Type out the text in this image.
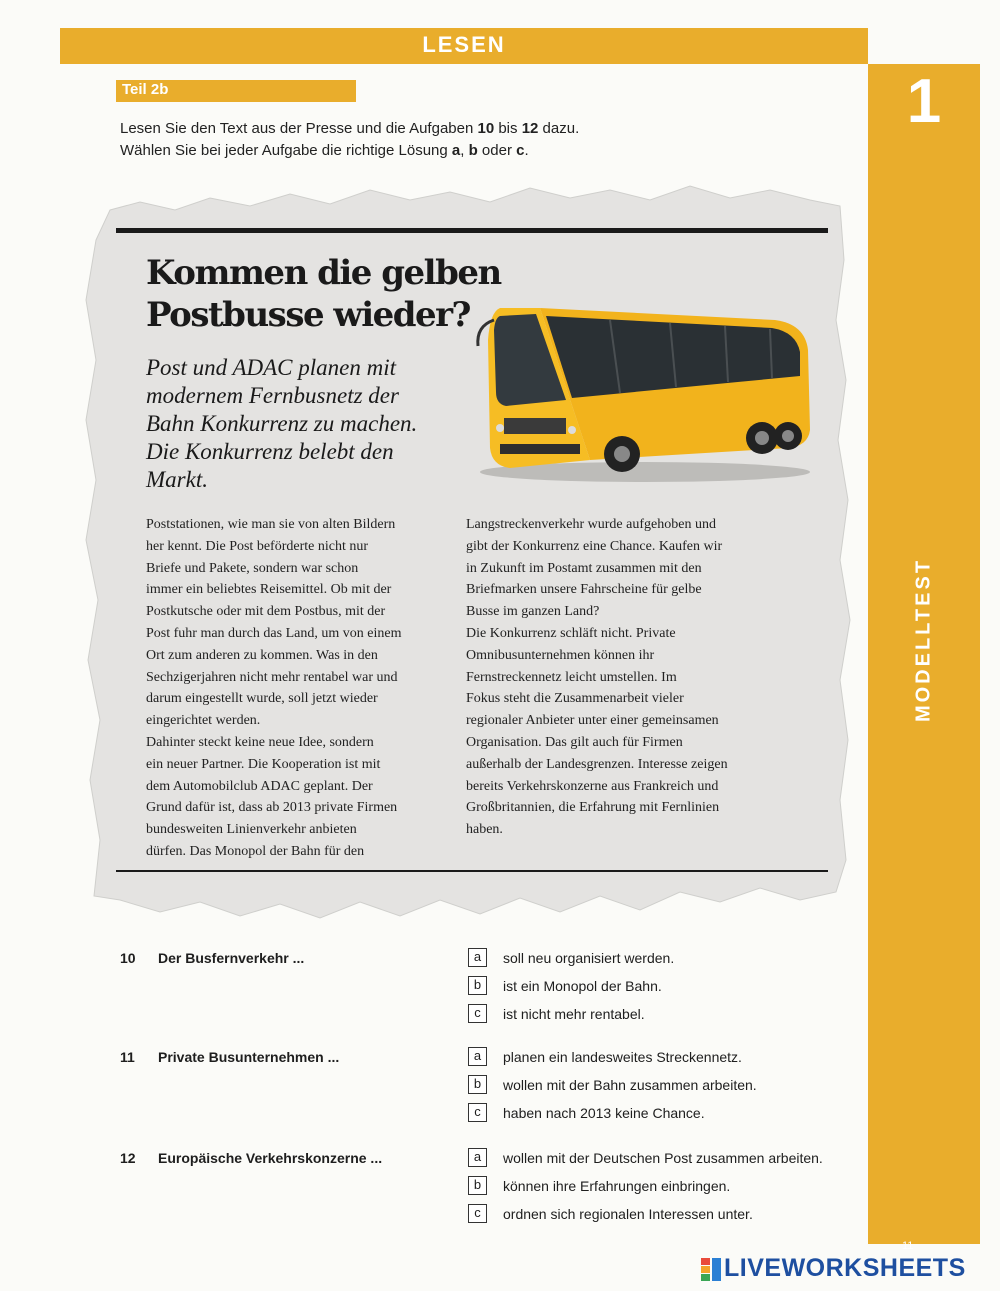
LESEN
1
MODELLTEST
Teil 2b
Lesen Sie den Text aus der Presse und die Aufgaben 10 bis 12 dazu.
Wählen Sie bei jeder Aufgabe die richtige Lösung a, b oder c.
Kommen die gelben
Postbusse wieder?
Post und ADAC planen mit
modernem Fernbusnetz der
Bahn Konkurrenz zu machen.
Die Konkurrenz belebt den
Markt.
Poststationen, wie man sie von alten Bildern
her kennt. Die Post beförderte nicht nur
Briefe und Pakete, sondern war schon
immer ein beliebtes Reisemittel. Ob mit der
Postkutsche oder mit dem Postbus, mit der
Post fuhr man durch das Land, um von einem
Ort zum anderen zu kommen. Was in den
Sechzigerjahren nicht mehr rentabel war und
darum eingestellt wurde, soll jetzt wieder
eingerichtet werden.
Dahinter steckt keine neue Idee, sondern
ein neuer Partner. Die Kooperation ist mit
dem Automobilclub ADAC geplant. Der
Grund dafür ist, dass ab 2013 private Firmen
bundesweiten Linienverkehr anbieten
dürfen. Das Monopol der Bahn für den
Langstreckenverkehr wurde aufgehoben und
gibt der Konkurrenz eine Chance. Kaufen wir
in Zukunft im Postamt zusammen mit den
Briefmarken unsere Fahrscheine für gelbe
Busse im ganzen Land?
Die Konkurrenz schläft nicht. Private
Omnibusunternehmen können ihr
Fernstreckennetz leicht umstellen. Im
Fokus steht die Zusammenarbeit vieler
regionaler Anbieter unter einer gemeinsamen
Organisation. Das gilt auch für Firmen
außerhalb der Landesgrenzen. Interesse zeigen
bereits Verkehrskonzerne aus Frankreich und
Großbritannien, die Erfahrung mit Fernlinien
haben.
10 Der Busfernverkehr ...	a	soll neu organisiert werden.
b	ist ein Monopol der Bahn.
c	ist nicht mehr rentabel.
11 Private Busunternehmen ...	a	planen ein landesweites Streckennetz.
b	wollen mit der Bahn zusammen arbeiten.
c	haben nach 2013 keine Chance.
12 Europäische Verkehrskonzerne ...	a	wollen mit der Deutschen Post zusammen arbeiten.
b	können ihre Erfahrungen einbringen.
c	ordnen sich regionalen Interessen unter.
11
LIVEWORKSHEETS
